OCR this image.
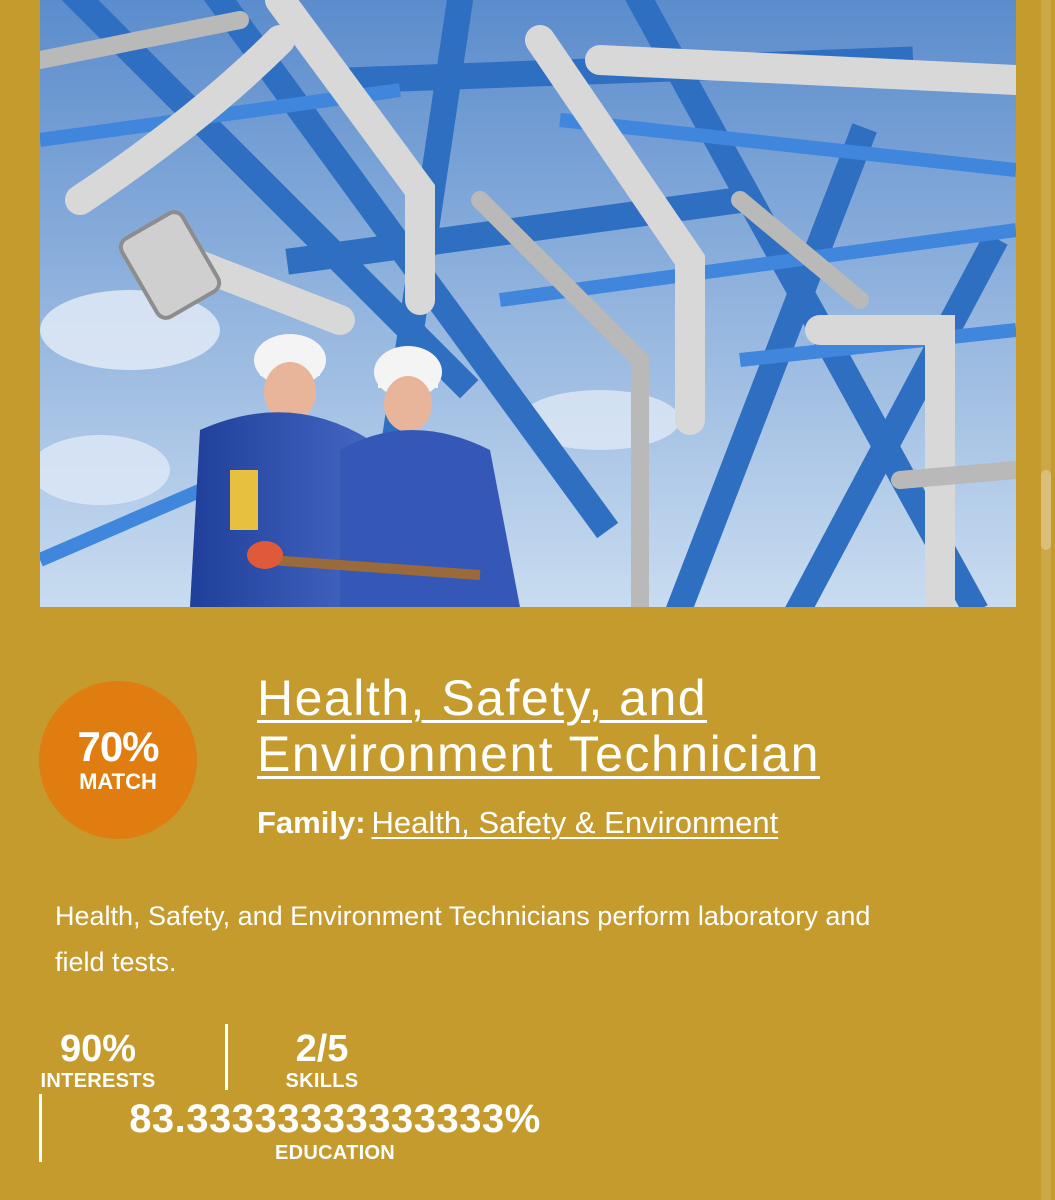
70%
MATCH
Health, Safety, and Environment Technician
Family: Health, Safety & Environment

Health, Safety, and Environment Technicians perform laboratory and field tests.

90%
INTERESTS
2/5
SKILLS
83.33333333333333%
EDUCATION
